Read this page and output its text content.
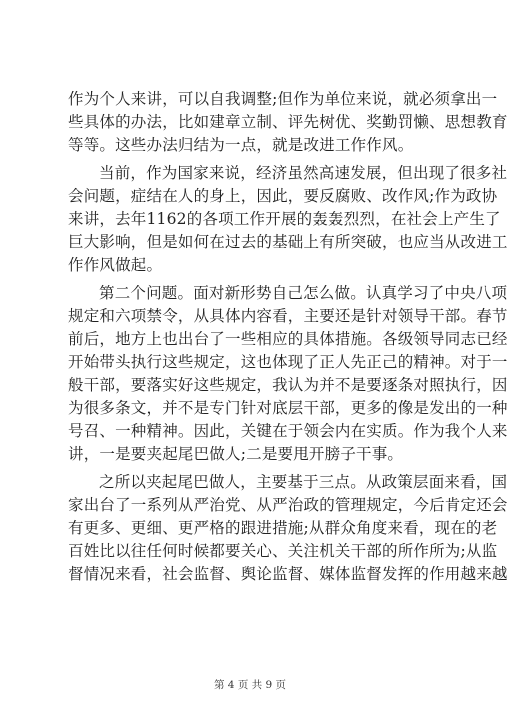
作为个人来讲，可以自我调整;但作为单位来说，就必须拿出一
些具体的办法，比如建章立制、评先树优、奖勤罚懒、思想教育
等等。这些办法归结为一点，就是改进工作作风。

当前，作为国家来说，经济虽然高速发展，但出现了很多社
会问题，症结在人的身上，因此，要反腐败、改作风;作为政协
来讲，去年1162的各项工作开展的轰轰烈烈，在社会上产生了
巨大影响，但是如何在过去的基础上有所突破，也应当从改进工
作作风做起。

第二个问题。面对新形势自己怎么做。认真学习了中央八项
规定和六项禁令，从具体内容看，主要还是针对领导干部。春节
前后，地方上也出台了一些相应的具体措施。各级领导同志已经
开始带头执行这些规定，这也体现了正人先正己的精神。对于一
般干部，要落实好这些规定，我认为并不是要逐条对照执行，因
为很多条文，并不是专门针对底层干部，更多的像是发出的一种
号召、一种精神。因此，关键在于领会内在实质。作为我个人来
讲，一是要夹起尾巴做人;二是要甩开膀子干事。

之所以夹起尾巴做人，主要基于三点。从政策层面来看，国
家出台了一系列从严治党、从严治政的管理规定，今后肯定还会
有更多、更细、更严格的跟进措施;从群众角度来看，现在的老
百姓比以往任何时候都要关心、关注机关干部的所作所为;从监
督情况来看，社会监督、舆论监督、媒体监督发挥的作用越来越

第 4 页 共 9 页
